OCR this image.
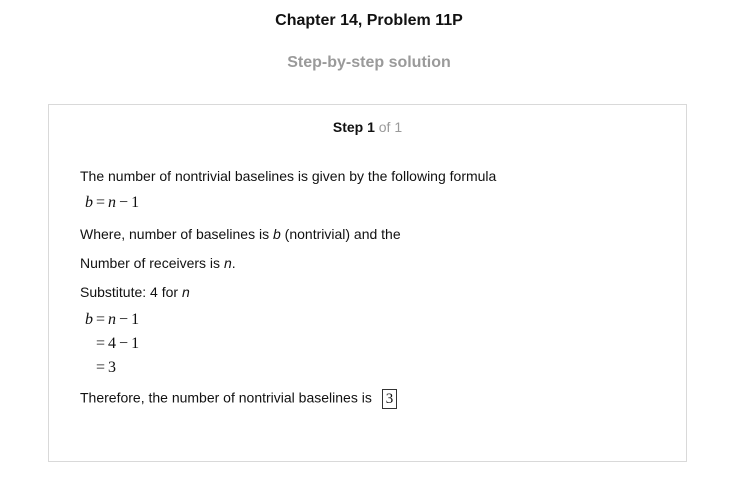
Chapter 14, Problem 11P
Step-by-step solution
Step 1 of 1
The number of nontrivial baselines is given by the following formula
b = n − 1
Where, number of baselines is b (nontrivial) and the
Number of receivers is n.
Substitute: 4 for n
b = n − 1
= 4 − 1
= 3
Therefore, the number of nontrivial baselines is 3
